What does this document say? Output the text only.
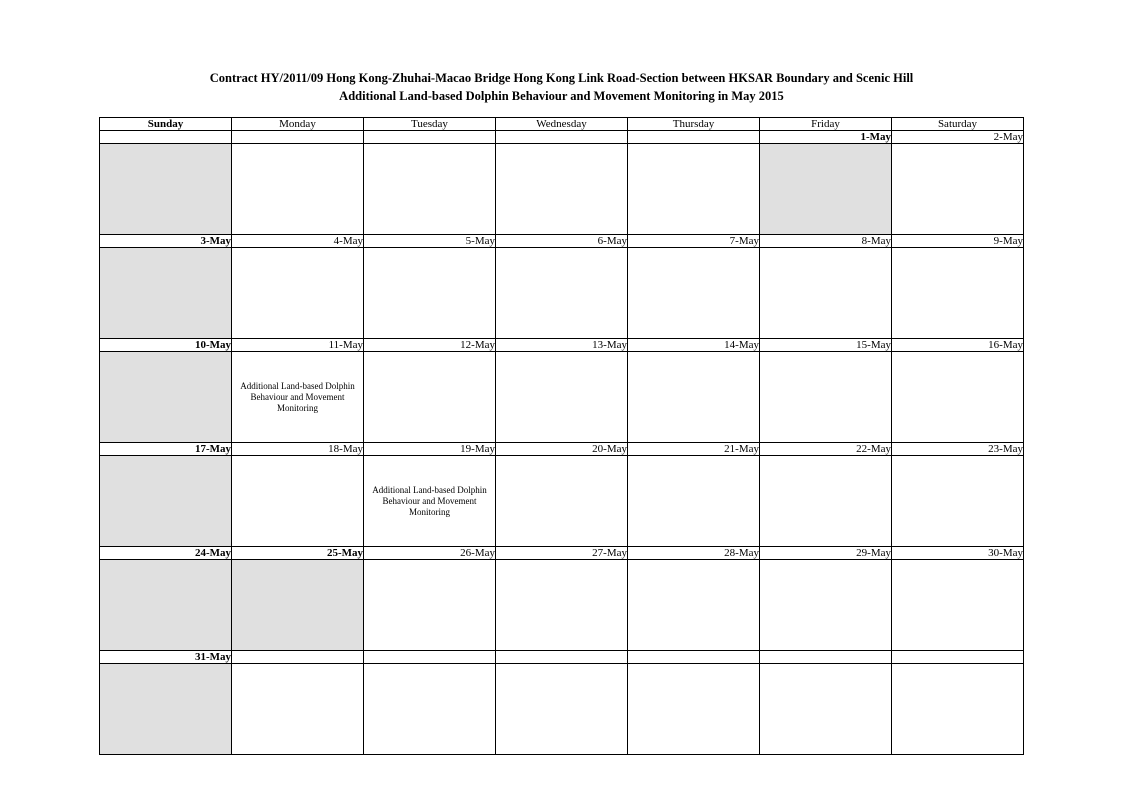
Contract HY/2011/09 Hong Kong-Zhuhai-Macao Bridge Hong Kong Link Road-Section between HKSAR Boundary and Scenic Hill
Additional Land-based Dolphin Behaviour and Movement Monitoring in May 2015
Sunday	Monday	Tuesday	Wednesday	Thursday	Friday	Saturday
					1-May	2-May

3-May	4-May	5-May	6-May	7-May	8-May	9-May

10-May	11-May	12-May	13-May	14-May	15-May	16-May

	Additional Land-based Dolphin Behaviour and Movement Monitoring					

17-May	18-May	19-May	20-May	21-May	22-May	23-May

		Additional Land-based Dolphin Behaviour and Movement Monitoring				

24-May	25-May	26-May	27-May	28-May	29-May	30-May

31-May						
